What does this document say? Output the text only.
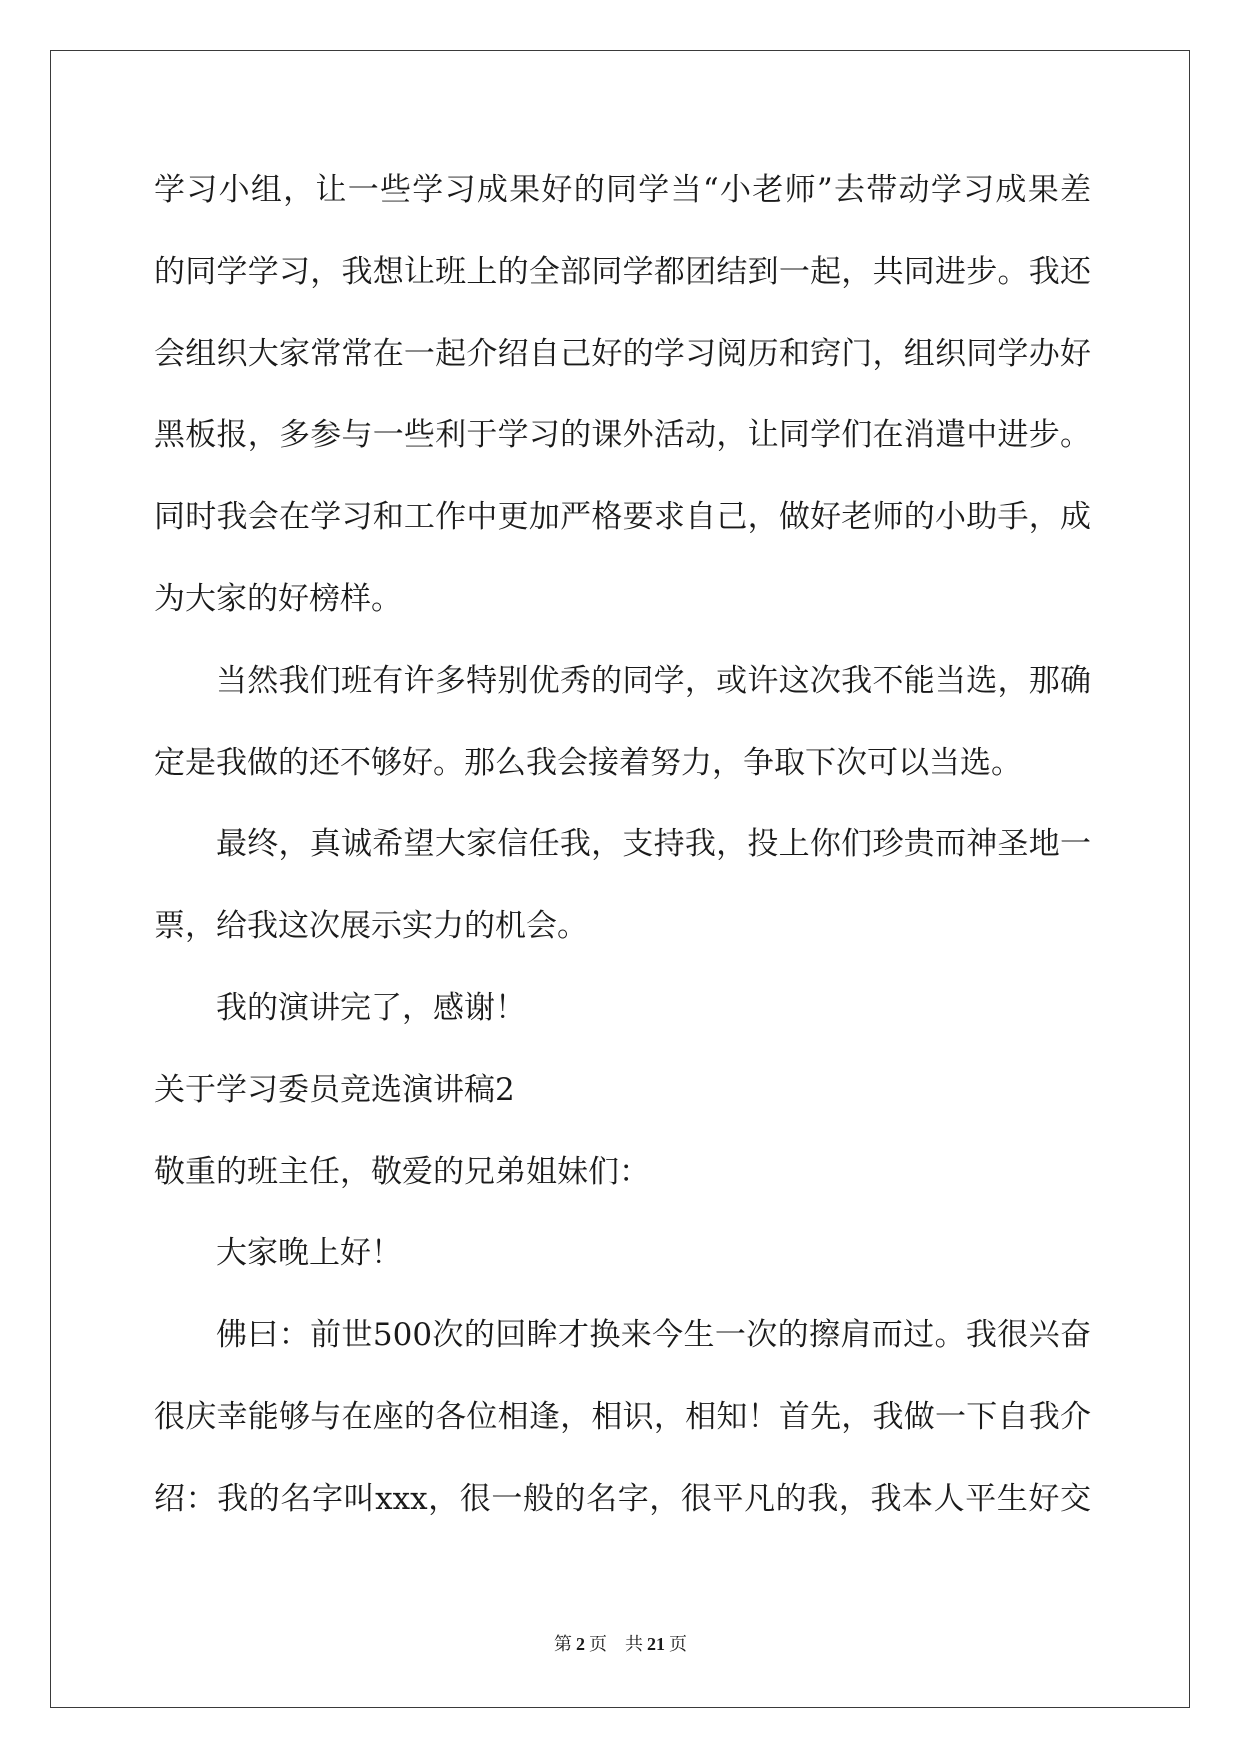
学习小组，让一些学习成果好的同学当“小老师”去带动学习成果差
的同学学习，我想让班上的全部同学都团结到一起，共同进步。我还
会组织大家常常在一起介绍自己好的学习阅历和窍门，组织同学办好
黑板报，多参与一些利于学习的课外活动，让同学们在消遣中进步。
同时我会在学习和工作中更加严格要求自己，做好老师的小助手，成
为大家的好榜样。
当然我们班有许多特别优秀的同学，或许这次我不能当选，那确
定是我做的还不够好。那么我会接着努力，争取下次可以当选。
最终，真诚希望大家信任我，支持我，投上你们珍贵而神圣地一
票，给我这次展示实力的机会。
我的演讲完了，感谢！
关于学习委员竞选演讲稿2
敬重的班主任，敬爱的兄弟姐妹们：
大家晚上好！
佛曰：前世500次的回眸才换来今生一次的擦肩而过。我很兴奋
很庆幸能够与在座的各位相逢，相识，相知！首先，我做一下自我介
绍：我的名字叫xxx，很一般的名字，很平凡的我，我本人平生好交
第 2 页 共 21 页
